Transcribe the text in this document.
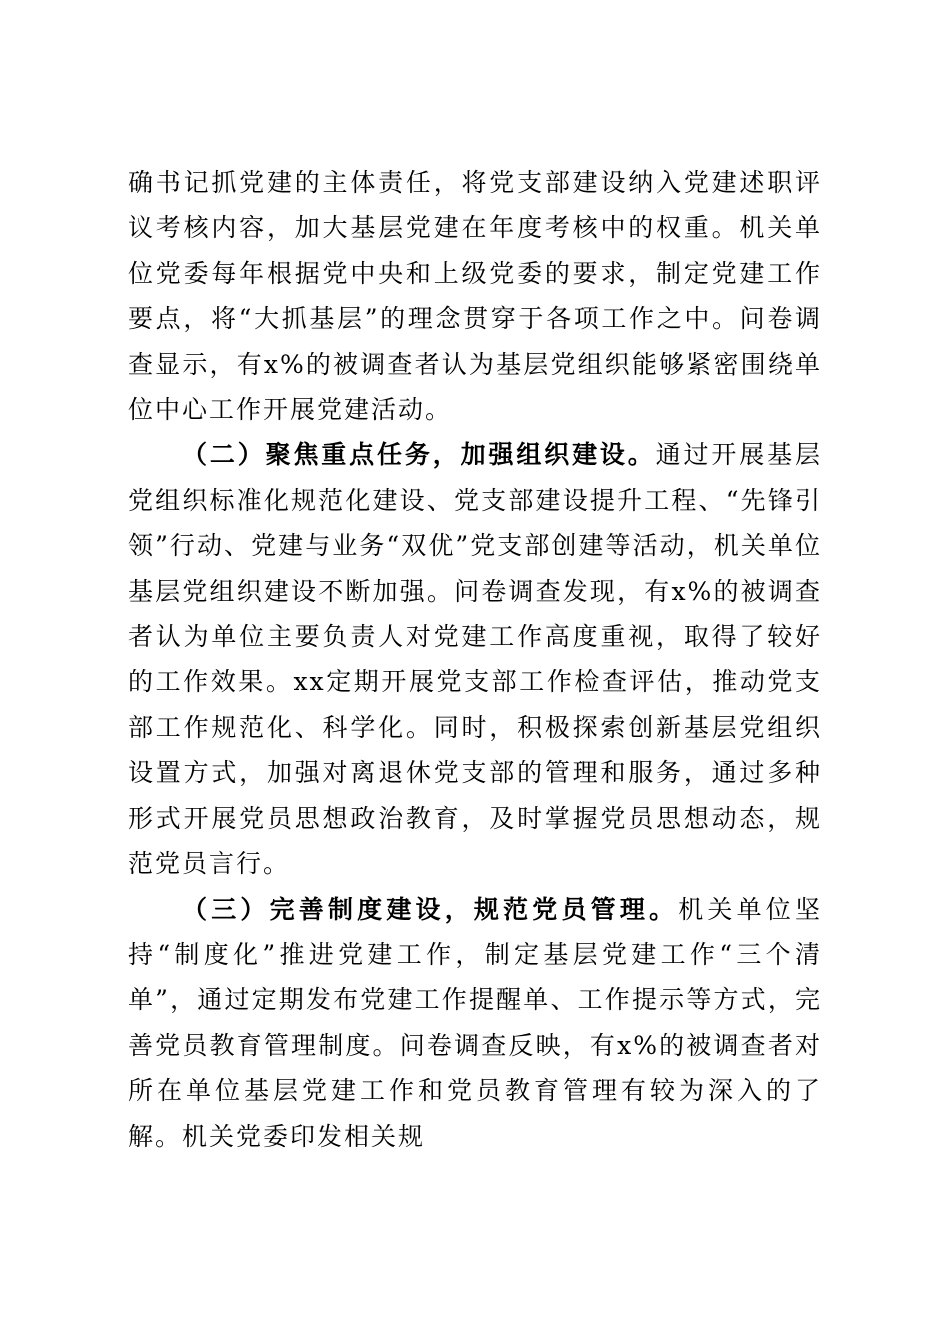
确书记抓党建的主体责任，将党支部建设纳入党建述职评议考核内容，加大基层党建在年度考核中的权重。机关单位党委每年根据党中央和上级党委的要求，制定党建工作要点，将“大抓基层”的理念贯穿于各项工作之中。问卷调查显示，有x%的被调查者认为基层党组织能够紧密围绕单位中心工作开展党建活动。

（二）聚焦重点任务，加强组织建设。通过开展基层党组织标准化规范化建设、党支部建设提升工程、“先锋引领”行动、党建与业务“双优”党支部创建等活动，机关单位基层党组织建设不断加强。问卷调查发现，有x%的被调查者认为单位主要负责人对党建工作高度重视，取得了较好的工作效果。xx定期开展党支部工作检查评估，推动党支部工作规范化、科学化。同时，积极探索创新基层党组织设置方式，加强对离退休党支部的管理和服务，通过多种形式开展党员思想政治教育，及时掌握党员思想动态，规范党员言行。

（三）完善制度建设，规范党员管理。机关单位坚持“制度化”推进党建工作，制定基层党建工作“三个清单”，通过定期发布党建工作提醒单、工作提示等方式，完善党员教育管理制度。问卷调查反映，有x%的被调查者对所在单位基层党建工作和党员教育管理有较为深入的了解。机关党委印发相关规
